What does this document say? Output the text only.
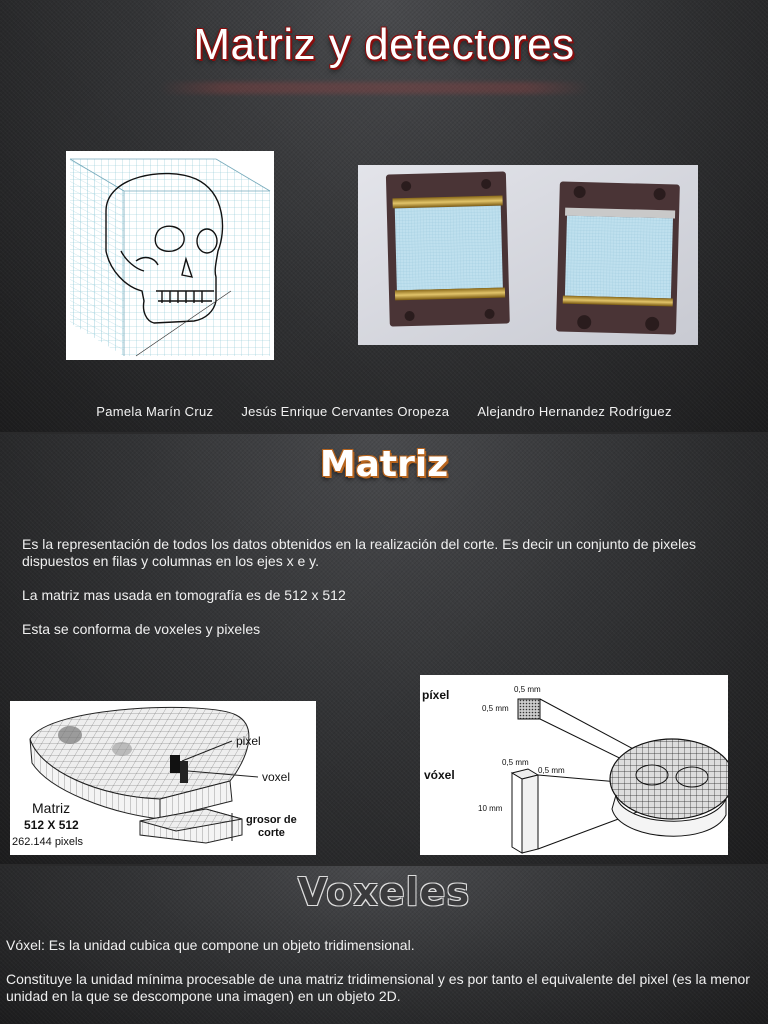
Matriz y detectores
Pamela Marín Cruz Jesús Enrique Cervantes Oropeza Alejandro Hernandez Rodríguez
Matriz

Es la representación de todos los datos obtenidos en la realización del corte. Es decir un conjunto de pixeles dispuestos en filas y columnas en los ejes x e y.

La matriz mas usada en tomografía es de 512 x 512

Esta se conforma de voxeles y pixeles

pixel
voxel
grosor de
corte
Matriz
512 X 512
262.144 pixels
píxel
vóxel
0,5 mm
0,5 mm
0,5 mm
0,5 mm
10 mm
Voxeles

Vóxel: Es la unidad cubica que compone un objeto tridimensional.

Constituye la unidad mínima procesable de una matriz tridimensional y es por tanto el equivalente del pixel (es la menor unidad en la que se descompone una imagen) en un objeto 2D.
